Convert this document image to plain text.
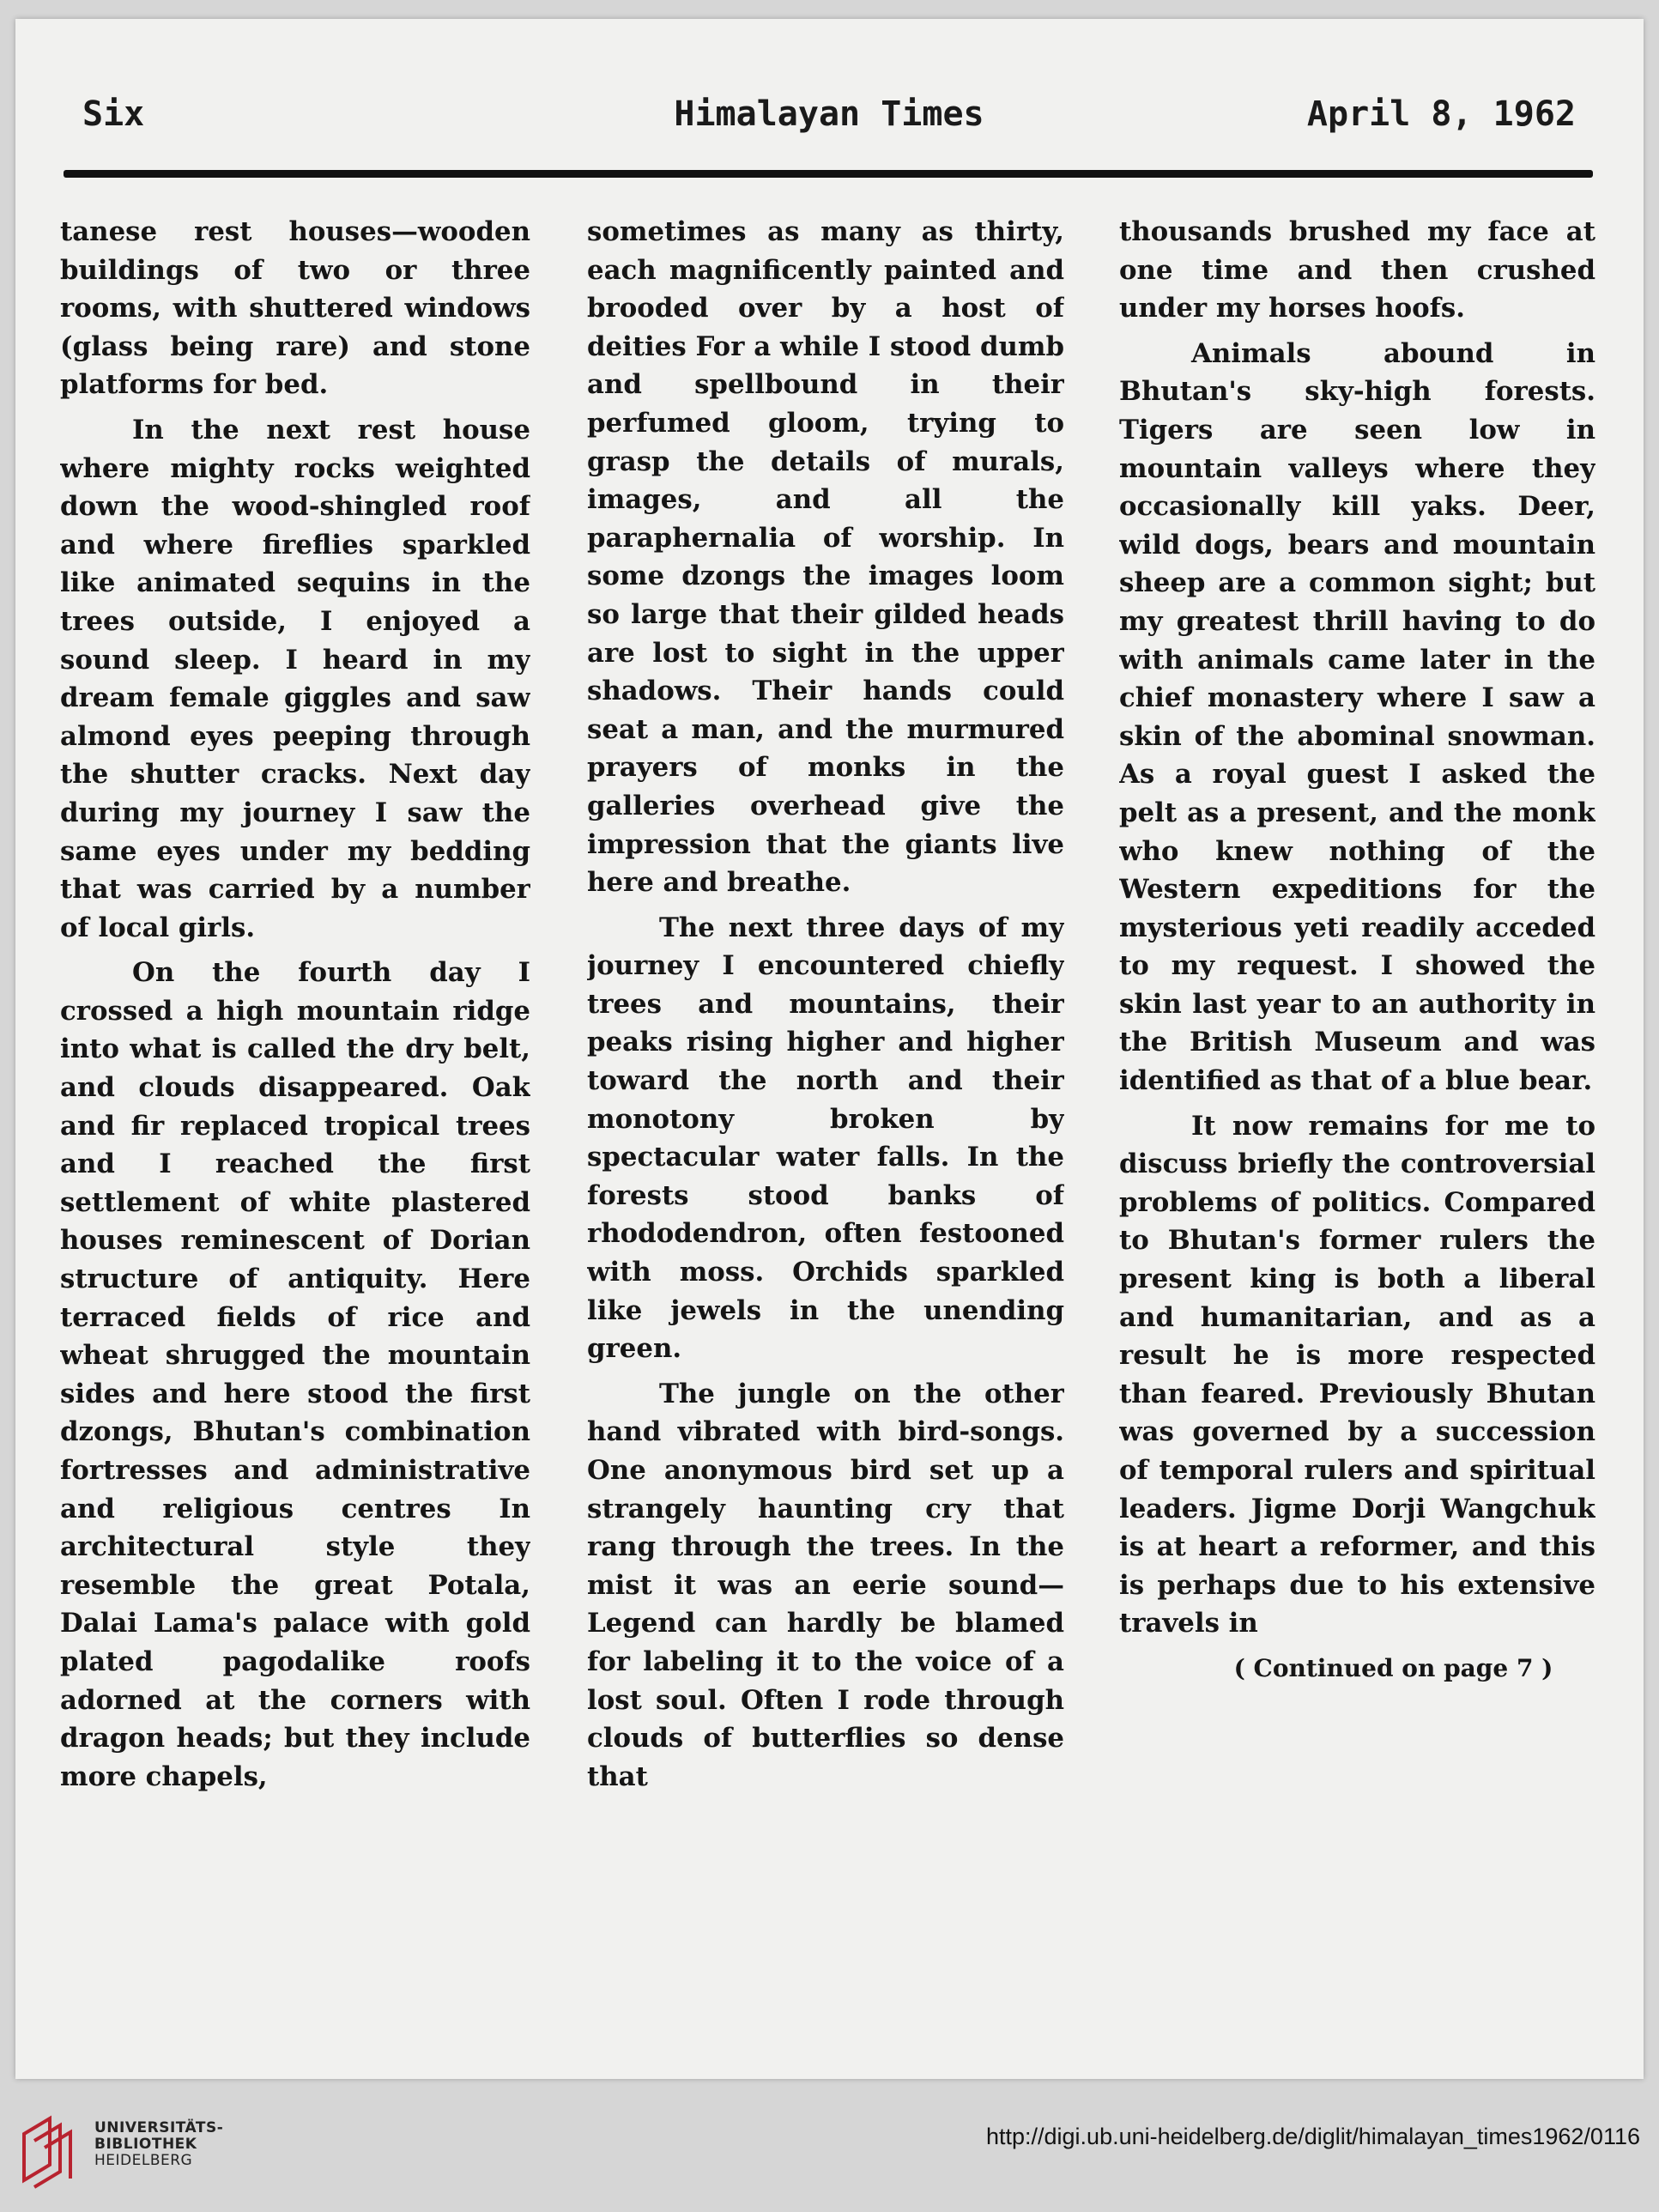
Six	Himalayan Times	April 8, 1962

tanese rest houses—wooden buildings of two or three rooms, with shuttered windows (glass being rare) and stone platforms for bed.

In the next rest house where mighty rocks weighted down the wood-shingled roof and where fireflies sparkled like animated sequins in the trees outside, I enjoyed a sound sleep. I heard in my dream female giggles and saw almond eyes peeping through the shutter cracks. Next day during my journey I saw the same eyes under my bedding that was carried by a number of local girls.

On the fourth day I crossed a high mountain ridge into what is called the dry belt, and clouds disappeared. Oak and fir replaced tropical trees and I reached the first settlement of white plastered houses reminescent of Dorian structure of antiquity. Here terraced fields of rice and wheat shrugged the mountain sides and here stood the first dzongs, Bhutan's combination fortresses and administrative and religious centres In architectural style they resemble the great Potala, Dalai Lama's palace with gold plated pagodalike roofs adorned at the corners with dragon heads; but they include more chapels,

sometimes as many as thirty, each magnificently painted and brooded over by a host of deities For a while I stood dumb and spellbound in their perfumed gloom, trying to grasp the details of murals, images, and all the paraphernalia of worship. In some dzongs the images loom so large that their gilded heads are lost to sight in the upper shadows. Their hands could seat a man, and the murmured prayers of monks in the galleries overhead give the impression that the giants live here and breathe.

The next three days of my journey I encountered chiefly trees and mountains, their peaks rising higher and higher toward the north and their monotony broken by spectacular water falls. In the forests stood banks of rhododendron, often festooned with moss. Orchids sparkled like jewels in the unending green.

The jungle on the other hand vibrated with bird-songs. One anonymous bird set up a strangely haunting cry that rang through the trees. In the mist it was an eerie sound—Legend can hardly be blamed for labeling it to the voice of a lost soul. Often I rode through clouds of butterflies so dense that

thousands brushed my face at one time and then crushed under my horses hoofs.

Animals abound in Bhutan's sky-high forests. Tigers are seen low in mountain valleys where they occasionally kill yaks. Deer, wild dogs, bears and mountain sheep are a common sight; but my greatest thrill having to do with animals came later in the chief monastery where I saw a skin of the abominal snowman. As a royal guest I asked the pelt as a present, and the monk who knew nothing of the Western expeditions for the mysterious yeti readily acceded to my request. I showed the skin last year to an authority in the British Museum and was identified as that of a blue bear.

It now remains for me to discuss briefly the controversial problems of politics. Compared to Bhutan's former rulers the present king is both a liberal and humanitarian, and as a result he is more respected than feared. Previously Bhutan was governed by a succession of temporal rulers and spiritual leaders. Jigme Dorji Wangchuk is at heart a reformer, and this is perhaps due to his extensive travels in

( Continued on page 7 )

UNIVERSITÄTS-
BIBLIOTHEK
HEIDELBERG
http://digi.ub.uni-heidelberg.de/diglit/himalayan_times1962/0116
